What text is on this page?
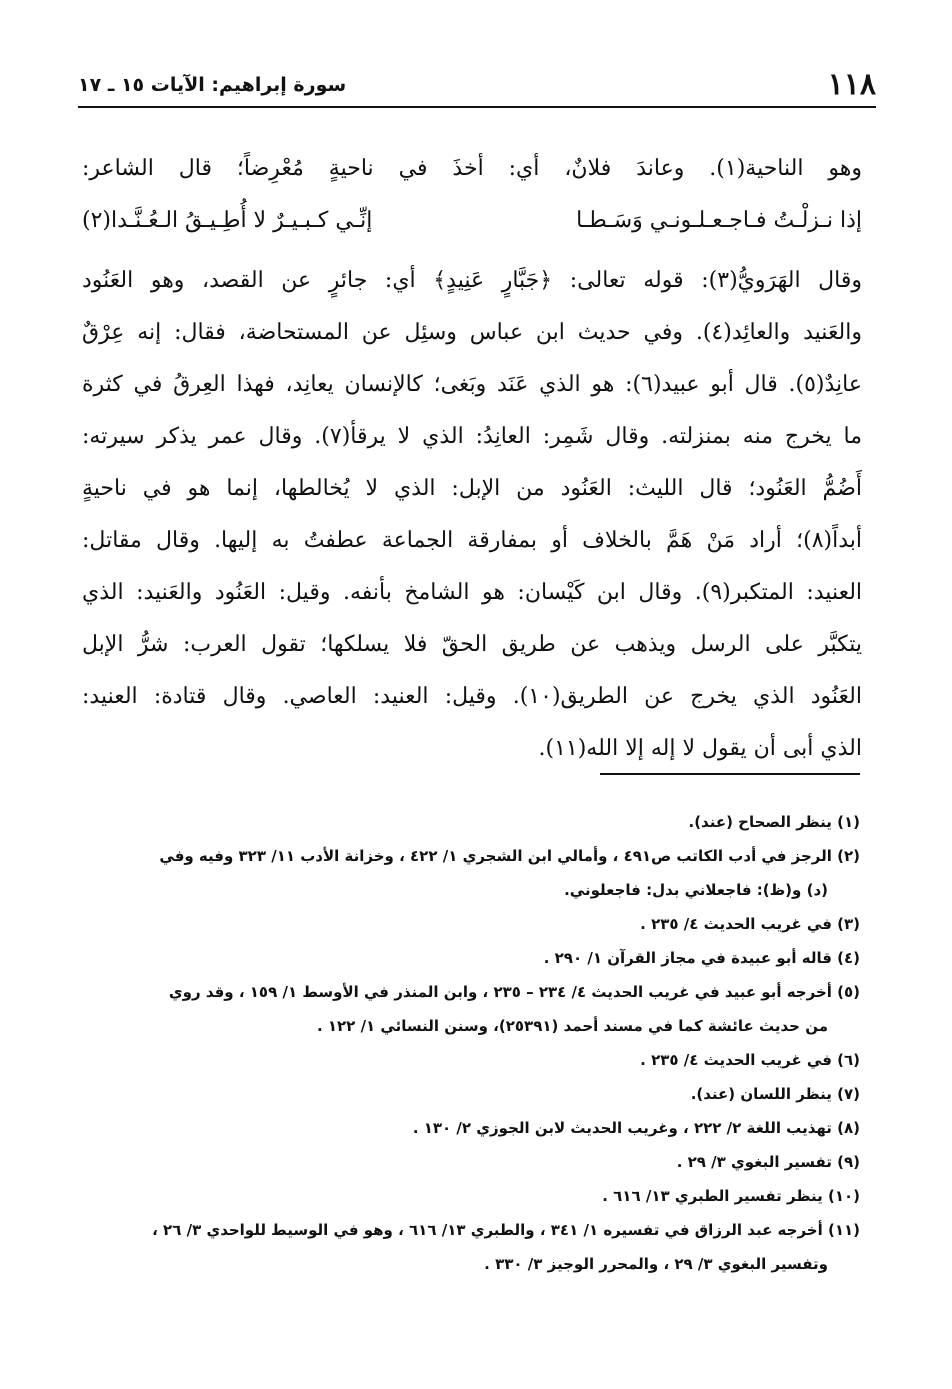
١١٨
سورة إبراهيم: الآيات ١٥ ـ ١٧
وهو الناحية(١). وعاندَ فلانٌ، أي: أخذَ في ناحيةٍ مُعْرِضاً؛ قال الشاعر:
إذا نـزلْـتُ فـاجـعـلـونـي وَسَـطـا
إنِّـي كـبـيـرٌ لا أُطِـيـقُ الـعُـنَّـدا(٢)
وقال الهَرَويُّ(٣): قوله تعالى: ﴿جَبَّارٍ عَنِيدٍ﴾ أي: جائرٍ عن القصد، وهو العَنُود
والعَنيد والعائِد(٤). وفي حديث ابن عباس وسئِل عن المستحاضة، فقال: إنه عِرْقٌ
عانِدٌ(٥). قال أبو عبيد(٦): هو الذي عَنَد وبَغى؛ كالإنسان يعانِد، فهذا العِرقُ في كثرة
ما يخرج منه بمنزلته. وقال شَمِر: العانِدُ: الذي لا يرقأ(٧). وقال عمر يذكر سيرته:
أَضُمُّ العَنُود؛ قال الليث: العَنُود من الإبل: الذي لا يُخالطها، إنما هو في ناحيةٍ
أبداً(٨)؛ أراد مَنْ هَمَّ بالخلاف أو بمفارقة الجماعة عطفتُ به إليها. وقال مقاتل:
العنيد: المتكبر(٩). وقال ابن كَيْسان: هو الشامخ بأنفه. وقيل: العَنُود والعَنيد: الذي
يتكبَّر على الرسل ويذهب عن طريق الحقّ فلا يسلكها؛ تقول العرب: شرُّ الإبل
العَنُود الذي يخرج عن الطريق(١٠). وقيل: العنيد: العاصي. وقال قتادة: العنيد:
الذي أبى أن يقول لا إله إلا الله(١١).
(١) ينظر الصحاح (عند).
(٢) الرجز في أدب الكاتب ص٤٩١ ، وأمالي ابن الشجري ١/ ٤٢٢ ، وخزانة الأدب ١١/ ٣٢٣ وفيه وفي
(د) و(ظ): فاجعلاني بدل: فاجعلوني.
(٣) في غريب الحديث ٤/ ٢٣٥ .
(٤) قاله أبو عبيدة في مجاز القرآن ١/ ٢٩٠ .
(٥) أخرجه أبو عبيد في غريب الحديث ٤/ ٢٣٤ – ٢٣٥ ، وابن المنذر في الأوسط ١/ ١٥٩ ، وقد روي
من حديث عائشة كما في مسند أحمد (٢٥٣٩١)، وسنن النسائي ١/ ١٢٢ .
(٦) في غريب الحديث ٤/ ٢٣٥ .
(٧) ينظر اللسان (عند).
(٨) تهذيب اللغة ٢/ ٢٢٢ ، وغريب الحديث لابن الجوزي ٢/ ١٣٠ .
(٩) تفسير البغوي ٣/ ٢٩ .
(١٠) ينظر تفسير الطبري ١٣/ ٦١٦ .
(١١) أخرجه عبد الرزاق في تفسيره ١/ ٣٤١ ، والطبري ١٣/ ٦١٦ ، وهو في الوسيط للواحدي ٣/ ٢٦ ،
وتفسير البغوي ٣/ ٢٩ ، والمحرر الوجيز ٣/ ٣٣٠ .
